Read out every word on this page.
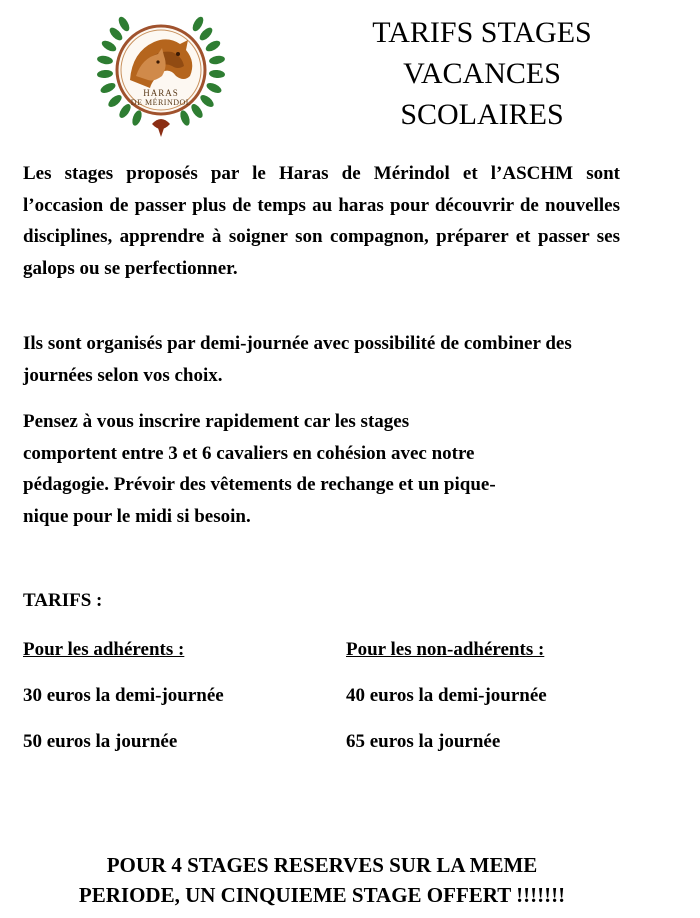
HARAS
DE MÉRINDOL
TARIFS STAGES
VACANCES
SCOLAIRES

Les stages proposés par le Haras de Mérindol et l’ASCHM sont l’occasion de passer plus de temps au haras pour découvrir de nouvelles disciplines, apprendre à soigner son compagnon, préparer et passer ses galops ou se perfectionner.

Ils sont organisés par demi-journée avec possibilité de combiner des journées selon vos choix.

Pensez à vous inscrire rapidement car les stages
comportent entre 3 et 6 cavaliers en cohésion avec notre
pédagogie. Prévoir des vêtements de rechange et un pique-
nique pour le midi si besoin.

TARIFS :

Pour les adhérents :
30 euros la demi-journée
50 euros la journée
Pour les non-adhérents :
40 euros la demi-journée
65 euros la journée

POUR 4 STAGES RESERVES SUR LA MEME
PERIODE, UN CINQUIEME STAGE OFFERT !!!!!!!
